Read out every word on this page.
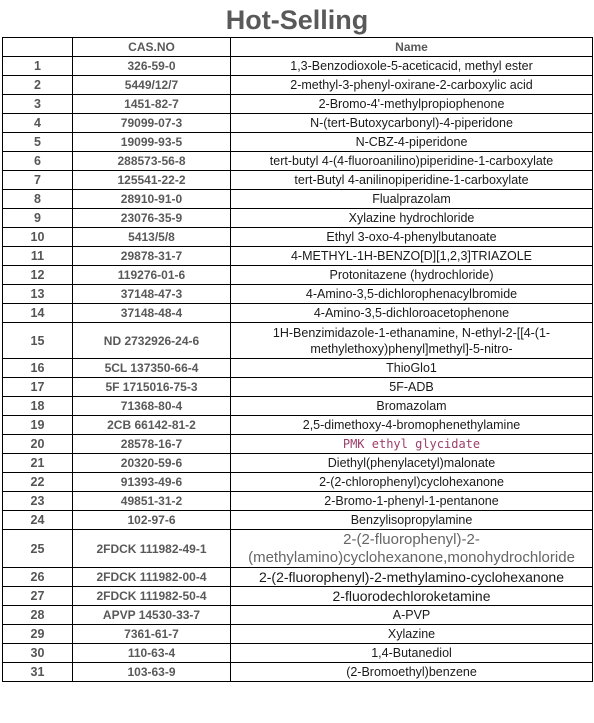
Hot-Selling
	CAS.NO	Name
1	326-59-0	1,3-Benzodioxole-5-aceticacid, methyl ester
2	5449/12/7	2-methyl-3-phenyl-oxirane-2-carboxylic acid
3	1451-82-7	2-Bromo-4'-methylpropiophenone
4	79099-07-3	N-(tert-Butoxycarbonyl)-4-piperidone
5	19099-93-5	N-CBZ-4-piperidone
6	288573-56-8	tert-butyl 4-(4-fluoroanilino)piperidine-1-carboxylate
7	125541-22-2	tert-Butyl 4-anilinopiperidine-1-carboxylate
8	28910-91-0	Flualprazolam
9	23076-35-9	Xylazine hydrochloride
10	5413/5/8	Ethyl 3-oxo-4-phenylbutanoate
11	29878-31-7	4-METHYL-1H-BENZO[D][1,2,3]TRIAZOLE
12	119276-01-6	Protonitazene (hydrochloride)
13	37148-47-3	4-Amino-3,5-dichlorophenacylbromide
14	37148-48-4	4-Amino-3,5-dichloroacetophenone
15	ND 2732926-24-6	1H-Benzimidazole-1-ethanamine, N-ethyl-2-[[4-(1-methylethoxy)phenyl]methyl]-5-nitro-
16	5CL 137350-66-4	ThioGlo1
17	5F 1715016-75-3	5F-ADB
18	71368-80-4	Bromazolam
19	2CB 66142-81-2	2,5-dimethoxy-4-bromophenethylamine
20	28578-16-7	PMK ethyl glycidate
21	20320-59-6	Diethyl(phenylacetyl)malonate
22	91393-49-6	2-(2-chlorophenyl)cyclohexanone
23	49851-31-2	2-Bromo-1-phenyl-1-pentanone
24	102-97-6	Benzylisopropylamine
25	2FDCK 111982-49-1	2-(2-fluorophenyl)-2-(methylamino)cyclohexanone,monohydrochloride
26	2FDCK 111982-00-4	2-(2-fluorophenyl)-2-methylamino-cyclohexanone
27	2FDCK 111982-50-4	2-fluorodechloroketamine
28	APVP 14530-33-7	A-PVP
29	7361-61-7	Xylazine
30	110-63-4	1,4-Butanediol
31	103-63-9	(2-Bromoethyl)benzene
